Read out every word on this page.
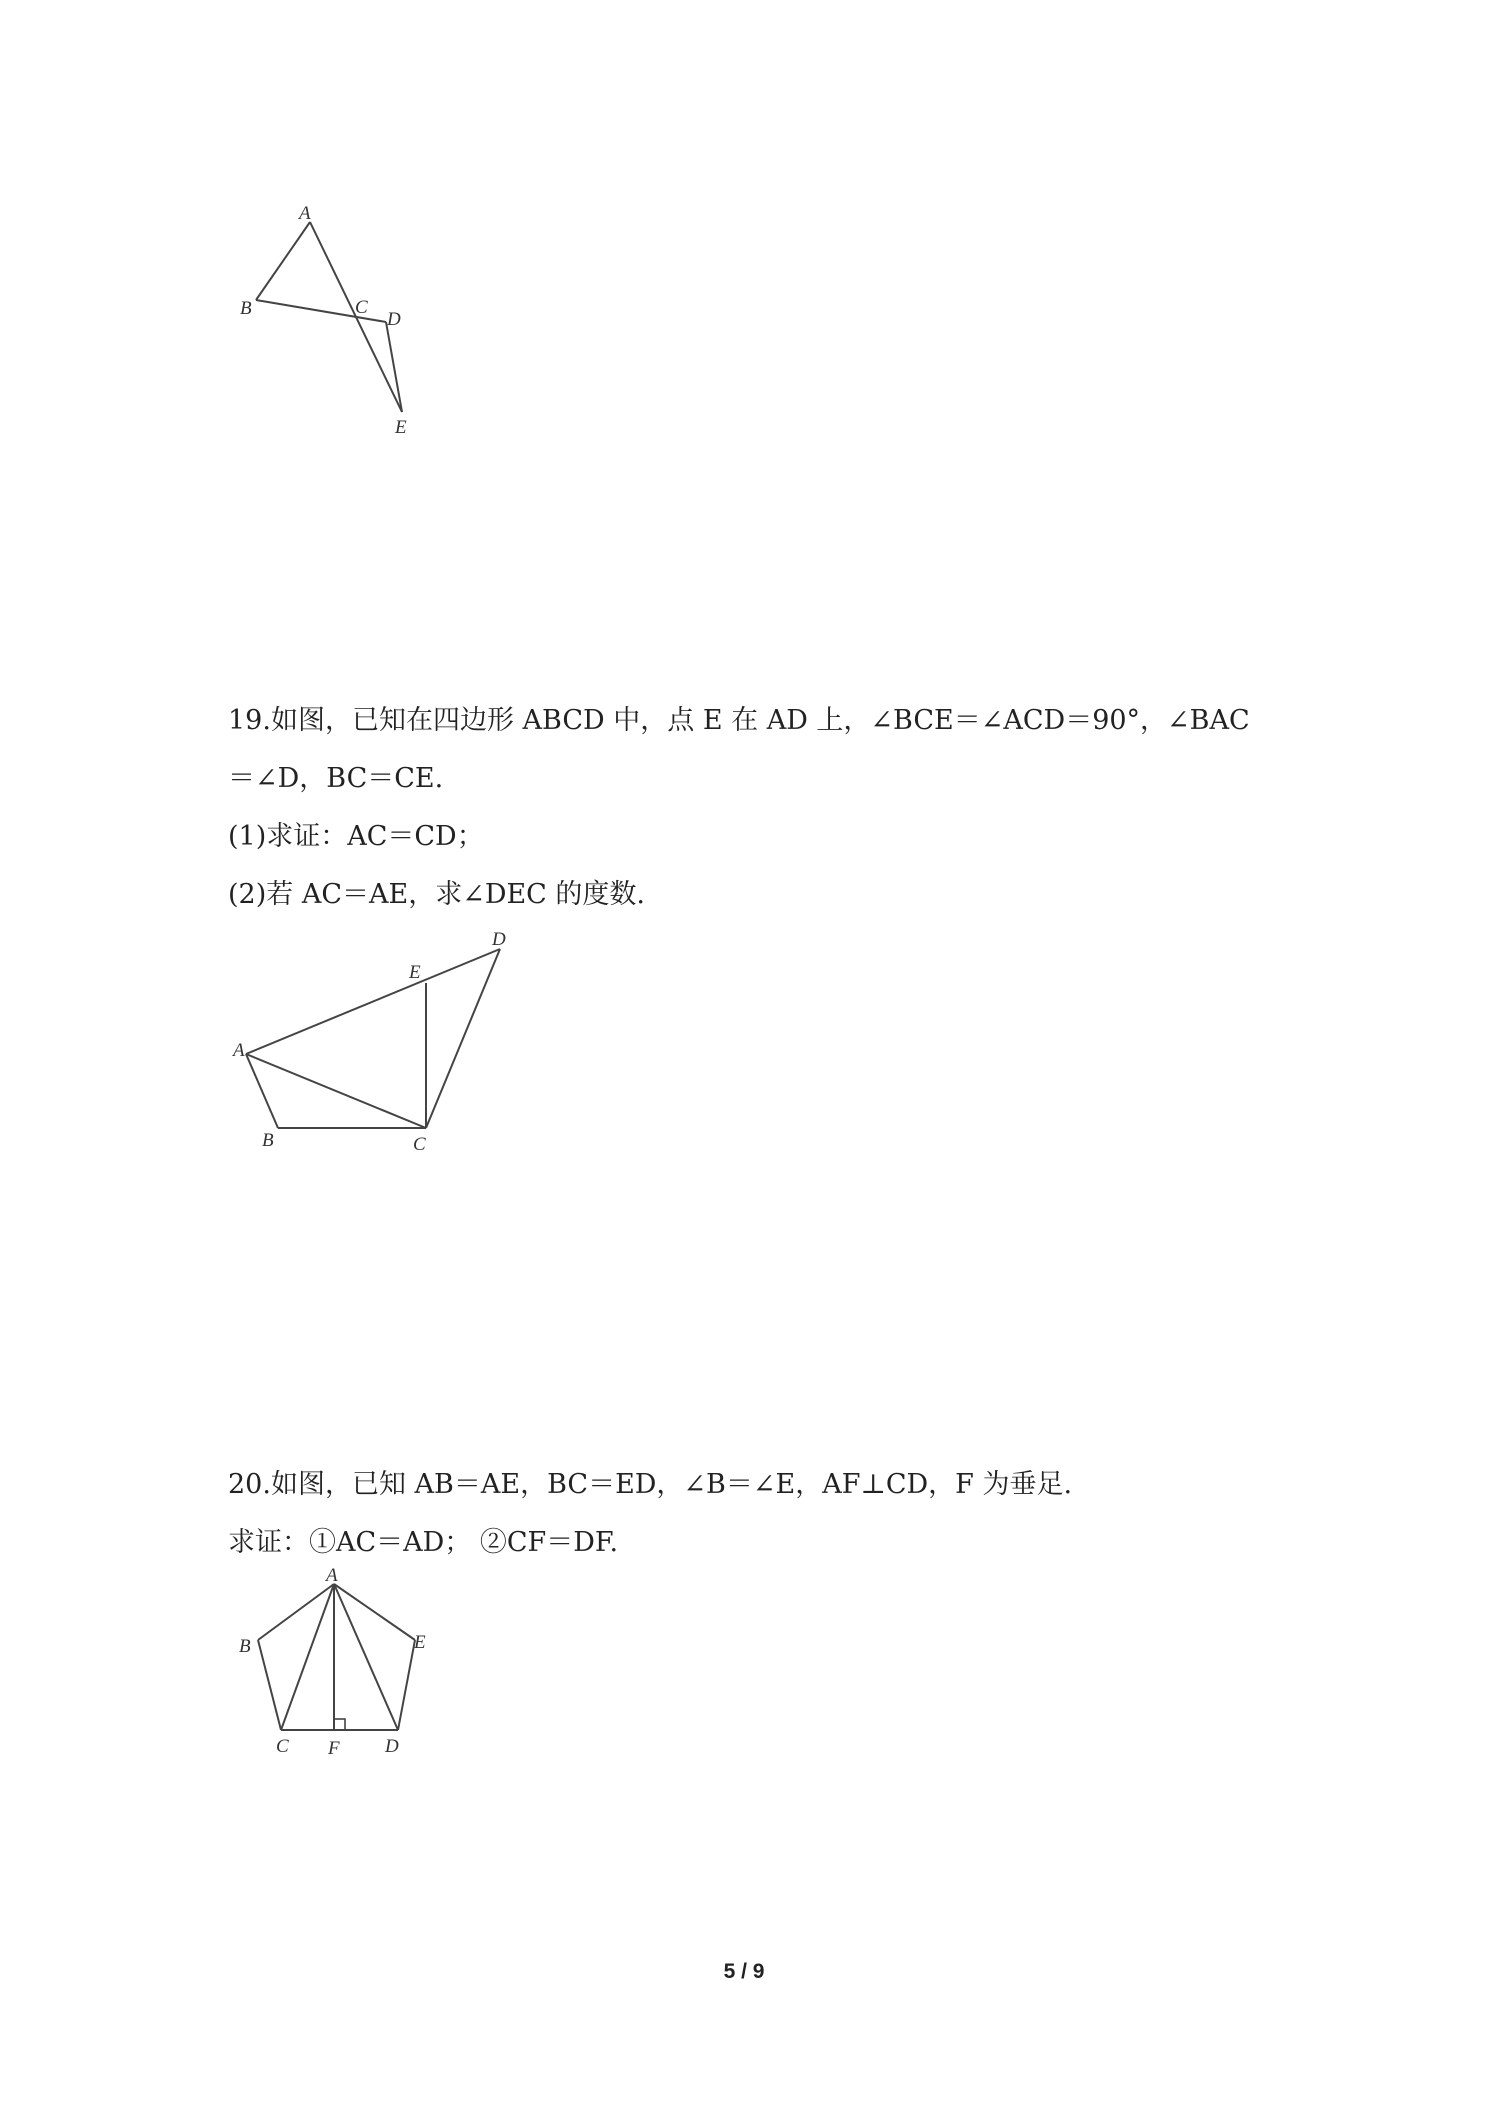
A
B	C
D
E

19.如图，已知在四边形 ABCD 中，点 E 在 AD 上，∠BCE＝∠ACD＝90°，∠BAC

＝∠D，BC＝CE.

(1)求证：AC＝CD；

(2)若 AC＝AE，求∠DEC 的度数.

A
B	C
D
E

20.如图，已知 AB＝AE，BC＝ED，∠B＝∠E，AF⊥CD，F 为垂足.

求证：①AC＝AD； ②CF＝DF.

A
B
C	D
E
F
5 / 9
